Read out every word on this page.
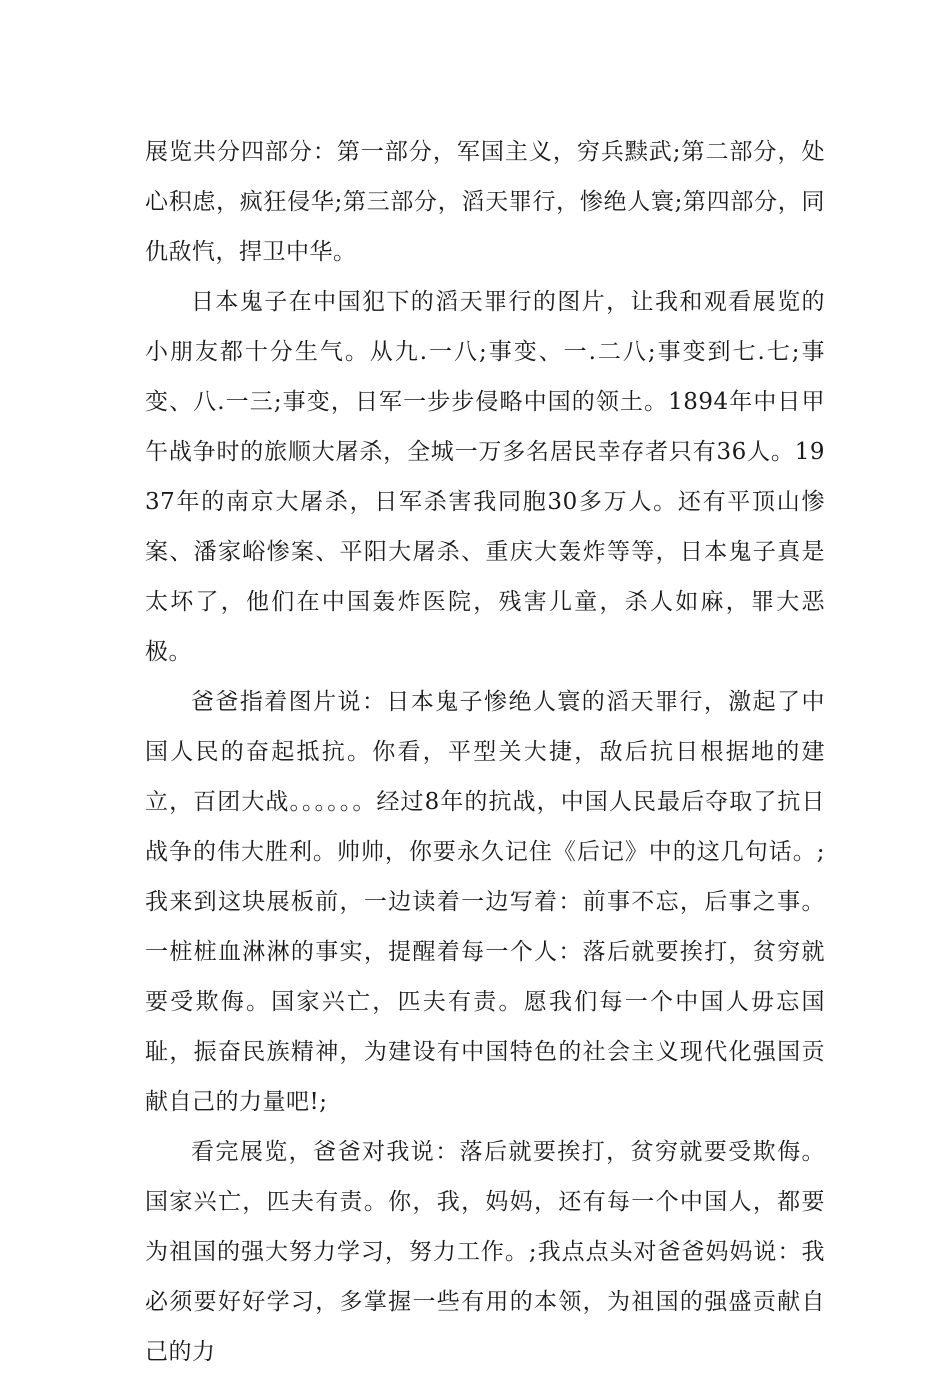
展览共分四部分：第一部分，军国主义，穷兵黩武;第二部分，处心积虑，疯狂侵华;第三部分，滔天罪行，惨绝人寰;第四部分，同仇敌忾，捍卫中华。

日本鬼子在中国犯下的滔天罪行的图片，让我和观看展览的小朋友都十分生气。从九.一八;事变、一.二八;事变到七.七;事变、八.一三;事变，日军一步步侵略中国的领土。1894年中日甲午战争时的旅顺大屠杀，全城一万多名居民幸存者只有36人。1937年的南京大屠杀，日军杀害我同胞30多万人。还有平顶山惨案、潘家峪惨案、平阳大屠杀、重庆大轰炸等等，日本鬼子真是太坏了，他们在中国轰炸医院，残害儿童，杀人如麻，罪大恶极。

爸爸指着图片说：日本鬼子惨绝人寰的滔天罪行，激起了中国人民的奋起抵抗。你看，平型关大捷，敌后抗日根据地的建立，百团大战。。。。。。经过8年的抗战，中国人民最后夺取了抗日战争的伟大胜利。帅帅，你要永久记住《后记》中的这几句话。;我来到这块展板前，一边读着一边写着：前事不忘，后事之事。一桩桩血淋淋的事实，提醒着每一个人：落后就要挨打，贫穷就要受欺侮。国家兴亡，匹夫有责。愿我们每一个中国人毋忘国耻，振奋民族精神，为建设有中国特色的社会主义现代化强国贡献自己的力量吧!;

看完展览，爸爸对我说：落后就要挨打，贫穷就要受欺侮。国家兴亡，匹夫有责。你，我，妈妈，还有每一个中国人，都要为祖国的强大努力学习，努力工作。;我点点头对爸爸妈妈说：我必须要好好学习，多掌握一些有用的本领，为祖国的强盛贡献自己的力
